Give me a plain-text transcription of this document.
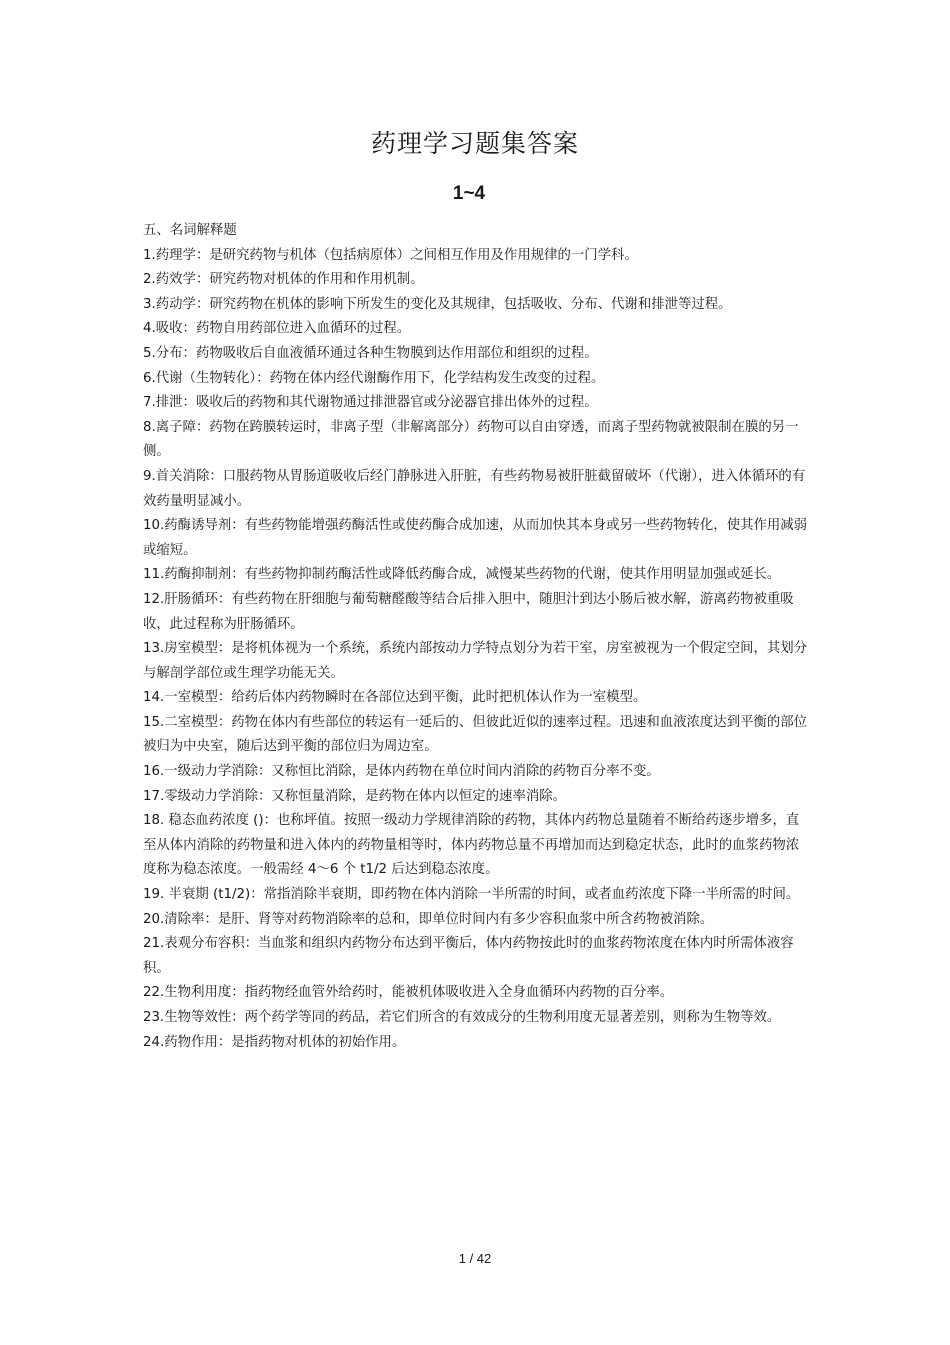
药理学习题集答案
1~4

五、名词解释题

1.药理学：是研究药物与机体（包括病原体）之间相互作用及作用规律的一门学科。

2.药效学：研究药物对机体的作用和作用机制。

3.药动学：研究药物在机体的影响下所发生的变化及其规律，包括吸收、分布、代谢和排泄等过程。

4.吸收：药物自用药部位进入血循环的过程。

5.分布：药物吸收后自血液循环通过各种生物膜到达作用部位和组织的过程。

6.代谢（生物转化）：药物在体内经代谢酶作用下，化学结构发生改变的过程。

7.排泄：吸收后的药物和其代谢物通过排泄器官或分泌器官排出体外的过程。

8.离子障：药物在跨膜转运时，非离子型（非解离部分）药物可以自由穿透，而离子型药物就被限制在膜的另一侧。

9.首关消除：口服药物从胃肠道吸收后经门静脉进入肝脏，有些药物易被肝脏截留破坏（代谢），进入体循环的有效药量明显减小。

10.药酶诱导剂：有些药物能增强药酶活性或使药酶合成加速，从而加快其本身或另一些药物转化，使其作用减弱或缩短。

11.药酶抑制剂：有些药物抑制药酶活性或降低药酶合成，减慢某些药物的代谢，使其作用明显加强或延长。

12.肝肠循环：有些药物在肝细胞与葡萄糖醛酸等结合后排入胆中，随胆汁到达小肠后被水解，游离药物被重吸收，此过程称为肝肠循环。

13.房室模型：是将机体视为一个系统，系统内部按动力学特点划分为若干室，房室被视为一个假定空间，其划分与解剖学部位或生理学功能无关。

14.一室模型：给药后体内药物瞬时在各部位达到平衡，此时把机体认作为一室模型。

15.二室模型：药物在体内有些部位的转运有一延后的、但彼此近似的速率过程。迅速和血液浓度达到平衡的部位被归为中央室，随后达到平衡的部位归为周边室。

16.一级动力学消除：又称恒比消除，是体内药物在单位时间内消除的药物百分率不变。

17.零级动力学消除：又称恒量消除，是药物在体内以恒定的速率消除。

18. 稳态血药浓度 ()：也称坪值。按照一级动力学规律消除的药物，其体内药物总量随着不断给药逐步增多，直至从体内消除的药物量和进入体内的药物量相等时，体内药物总量不再增加而达到稳定状态，此时的血浆药物浓度称为稳态浓度。一般需经 4～6 个 t1/2 后达到稳态浓度。

19. 半衰期 (t1/2)：常指消除半衰期，即药物在体内消除一半所需的时间，或者血药浓度下降一半所需的时间。

20.清除率：是肝、肾等对药物消除率的总和，即单位时间内有多少容积血浆中所含药物被消除。

21.表观分布容积：当血浆和组织内药物分布达到平衡后，体内药物按此时的血浆药物浓度在体内时所需体液容积。

22.生物利用度：指药物经血管外给药时，能被机体吸收进入全身血循环内药物的百分率。

23.生物等效性：两个药学等同的药品，若它们所含的有效成分的生物利用度无显著差别，则称为生物等效。

24.药物作用：是指药物对机体的初始作用。

1 / 42
